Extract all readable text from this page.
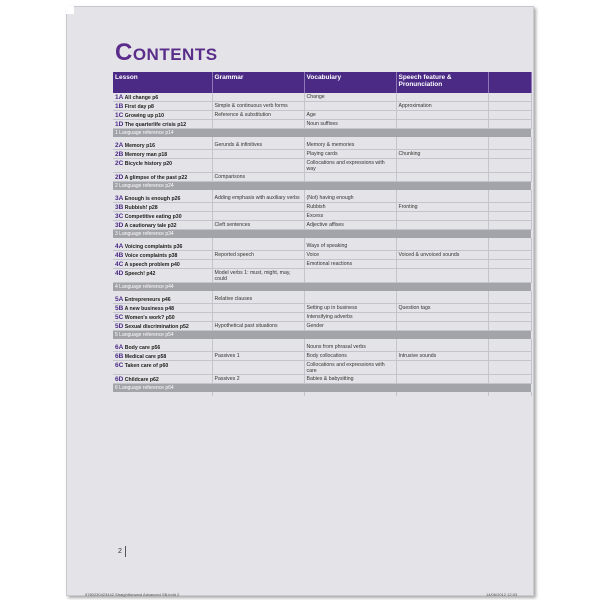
Contents
Lesson	Grammar	Vocabulary	Speech feature & Pronunciation	
1A All change p6		Change		
1B First day p8	Simple & continuous verb forms		Approximation	
1C Growing up p10	Reference & substitution	Age		
1D The quarterlife crisis p12		Noun suffixes		
1 Language reference p14				

2A Memory p16	Gerunds & infinitives	Memory & memories		
2B Memory man p18		Playing cards	Chunking	
2C Bicycle history p20		Collocations and expressions with way		
2D A glimpse of the past p22	Comparisons			
2 Language reference p24				

3A Enough is enough p26	Adding emphasis with auxiliary verbs	(Not) having enough		
3B Rubbish! p28		Rubbish	Fronting	
3C Competitive eating p30		Excess		
3D A cautionary tale p32	Cleft sentences	Adjective affixes		
3 Language reference p34				

4A Voicing complaints p36		Ways of speaking		
4B Voice complaints p38	Reported speech	Voice	Voiced & unvoiced sounds	
4C A speech problem p40		Emotional reactions		
4D Speech! p42	Model verbs 1: must, might, may, could			
4 Language reference p44				

5A Entrepreneurs p46	Relative clauses			
5B A new business p48		Setting up in business	Question tags	
5C Women's work? p50		Intensifying adverbs		
5D Sexual discrimination p52	Hypothetical past situations	Gender		
5 Language reference p54				

6A Body care p56		Nouns from phrasal verbs		
6B Medical care p58	Passives 1	Body collocations	Intrusive sounds	
6C Taken care of p60		Collocations and expressions with care		
6D Childcare p62	Passives 2	Babies & babysitting		
6 Language reference p64				

2
9780230423442 Straightforward Advanced SB.indd 2	14/06/2012 12:03
